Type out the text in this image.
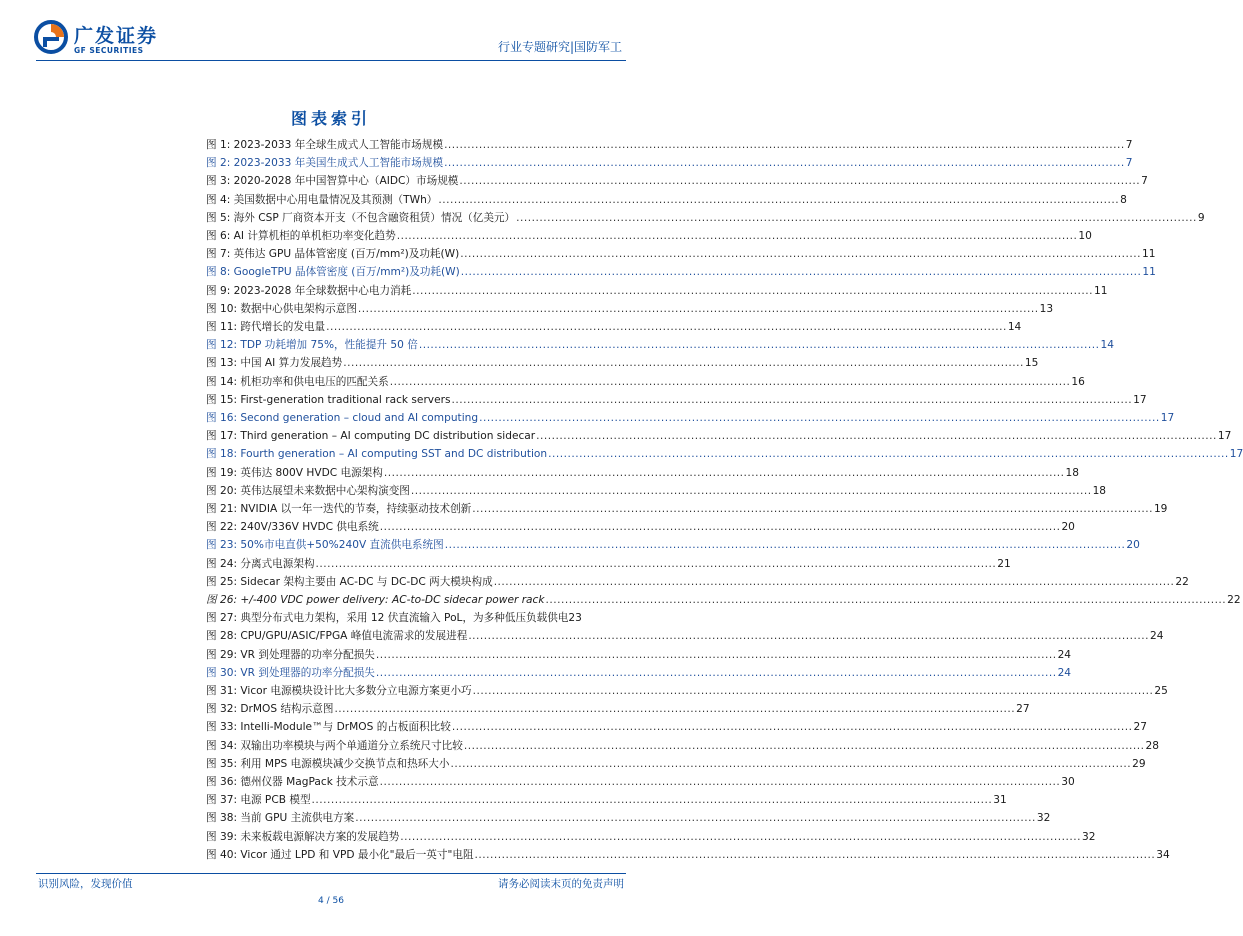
广发证券
GF SECURITIES	行业专题研究|国防军工
图表索引
图 1: 2023-2033 年全球生成式人工智能市场规模 .....	7
图 2: 2023-2033 年美国生成式人工智能市场规模 .....	7
图 3: 2020-2028 年中国智算中心（AIDC）市场规模 .....	7
图 4: 美国数据中心用电量情况及其预测（TWh） .....	8
图 5: 海外 CSP 厂商资本开支（不包含融资租赁）情况（亿美元） .....	9
图 6: AI 计算机柜的单机柜功率变化趋势 .....	10
图 7: 英伟达 GPU 晶体管密度 (百万/mm²)及功耗(W) .....	11
图 8: GoogleTPU 晶体管密度 (百万/mm²)及功耗(W) .....	11
图 9: 2023-2028 年全球数据中心电力消耗 .....	11
图 10: 数据中心供电架构示意图 .....	13
图 11: 跨代增长的发电量 .....	14
图 12: TDP 功耗增加 75%，性能提升 50 倍 .....	14
图 13: 中国 AI 算力发展趋势 .....	15
图 14: 机柜功率和供电电压的匹配关系 .....	16
图 15: First-generation traditional rack servers .....	17
图 16: Second generation – cloud and AI computing .....	17
图 17: Third generation – AI computing DC distribution sidecar .....	17
图 18: Fourth generation – AI computing SST and DC distribution .....	17
图 19: 英伟达 800V HVDC 电源架构 .....	18
图 20: 英伟达展望未来数据中心架构演变图 .....	18
图 21: NVIDIA 以一年一迭代的节奏，持续驱动技术创新 .....	19
图 22: 240V/336V HVDC 供电系统 .....	20
图 23: 50%市电直供+50%240V 直流供电系统图 .....	20
图 24: 分离式电源架构 .....	21
图 25: Sidecar 架构主要由 AC-DC 与 DC-DC 两大模块构成 .....	22
图 26: +/-400 VDC power delivery: AC-to-DC sidecar power rack .....	22
图 27: 典型分布式电力架构，采用 12 伏直流输入 PoL，为多种低压负载供电 23
图 28: CPU/GPU/ASIC/FPGA 峰值电流需求的发展进程 .....	24
图 29: VR 到处理器的功率分配损失 .....	24
图 30: VR 到处理器的功率分配损失 .....	24
图 31: Vicor 电源模块设计比大多数分立电源方案更小巧 .....	25
图 32: DrMOS 结构示意图 .....	27
图 33: Intelli-Module™与 DrMOS 的占板面积比较 .....	27
图 34: 双输出功率模块与两个单通道分立系统尺寸比较 .....	28
图 35: 利用 MPS 电源模块减少交换节点和热环大小 .....	29
图 36: 德州仪器 MagPack 技术示意 .....	30
图 37: 电源 PCB 模型 .....	31
图 38: 当前 GPU 主流供电方案 .....	32
图 39: 未来板载电源解决方案的发展趋势 .....	32
图 40: Vicor 通过 LPD 和 VPD 最小化"最后一英寸"电阻 .....	34
识别风险，发现价值	请务必阅读末页的免责声明
4 / 56
